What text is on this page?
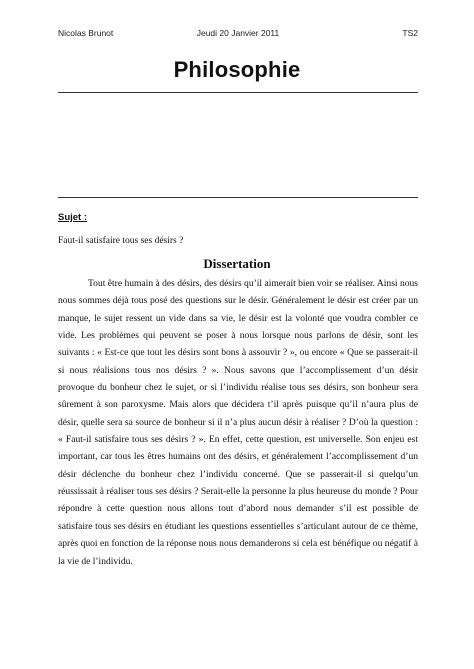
Nicolas Brunot	Jeudi 20 Janvier 2011	TS2
Philosophie
Sujet :
Faut-il satisfaire tous ses désirs ?
Dissertation

Tout être humain à des désirs, des désirs qu’il aimerait bien voir se réaliser. Ainsi nous nous sommes déjà tous posé des questions sur le désir. Généralement le désir est créer par un manque, le sujet ressent un vide dans sa vie, le désir est la volonté que voudra combler ce vide. Les problèmes qui peuvent se poser à nous lorsque nous parlons de désir, sont les suivants : « Est-ce que tout les désirs sont bons à assouvir ? », ou encore « Que se passerait-il si nous réalisions tous nos désirs ? ». Nous savons que l’accomplissement d’un désir provoque du bonheur chez le sujet, or si l’individu réalise tous ses désirs, son bonheur sera sûrement à son paroxysme. Mais alors que décidera t’il après puisque qu’il n’aura plus de désir, quelle sera sa source de bonheur si il n’a plus aucun désir à réaliser ? D’où la question : « Faut-il satisfaire tous ses désirs ? ». En effet, cette question, est universelle. Son enjeu est important, car tous les êtres humains ont des désirs, et généralement l’accomplissement d’un désir déclenche du bonheur chez l’individu concerné. Que se passerait-il si quelqu’un réussissait à réaliser tous ses désirs ? Serait-elle la personne la plus heureuse du monde ? Pour répondre à cette question nous allons tout d’abord nous demander s’il est possible de satisfaire tous ses désirs en étudiant les questions essentielles s’articulant autour de ce thème, après quoi en fonction de la réponse nous nous demanderons si cela est bénéfique ou négatif à la vie de l’individu.
